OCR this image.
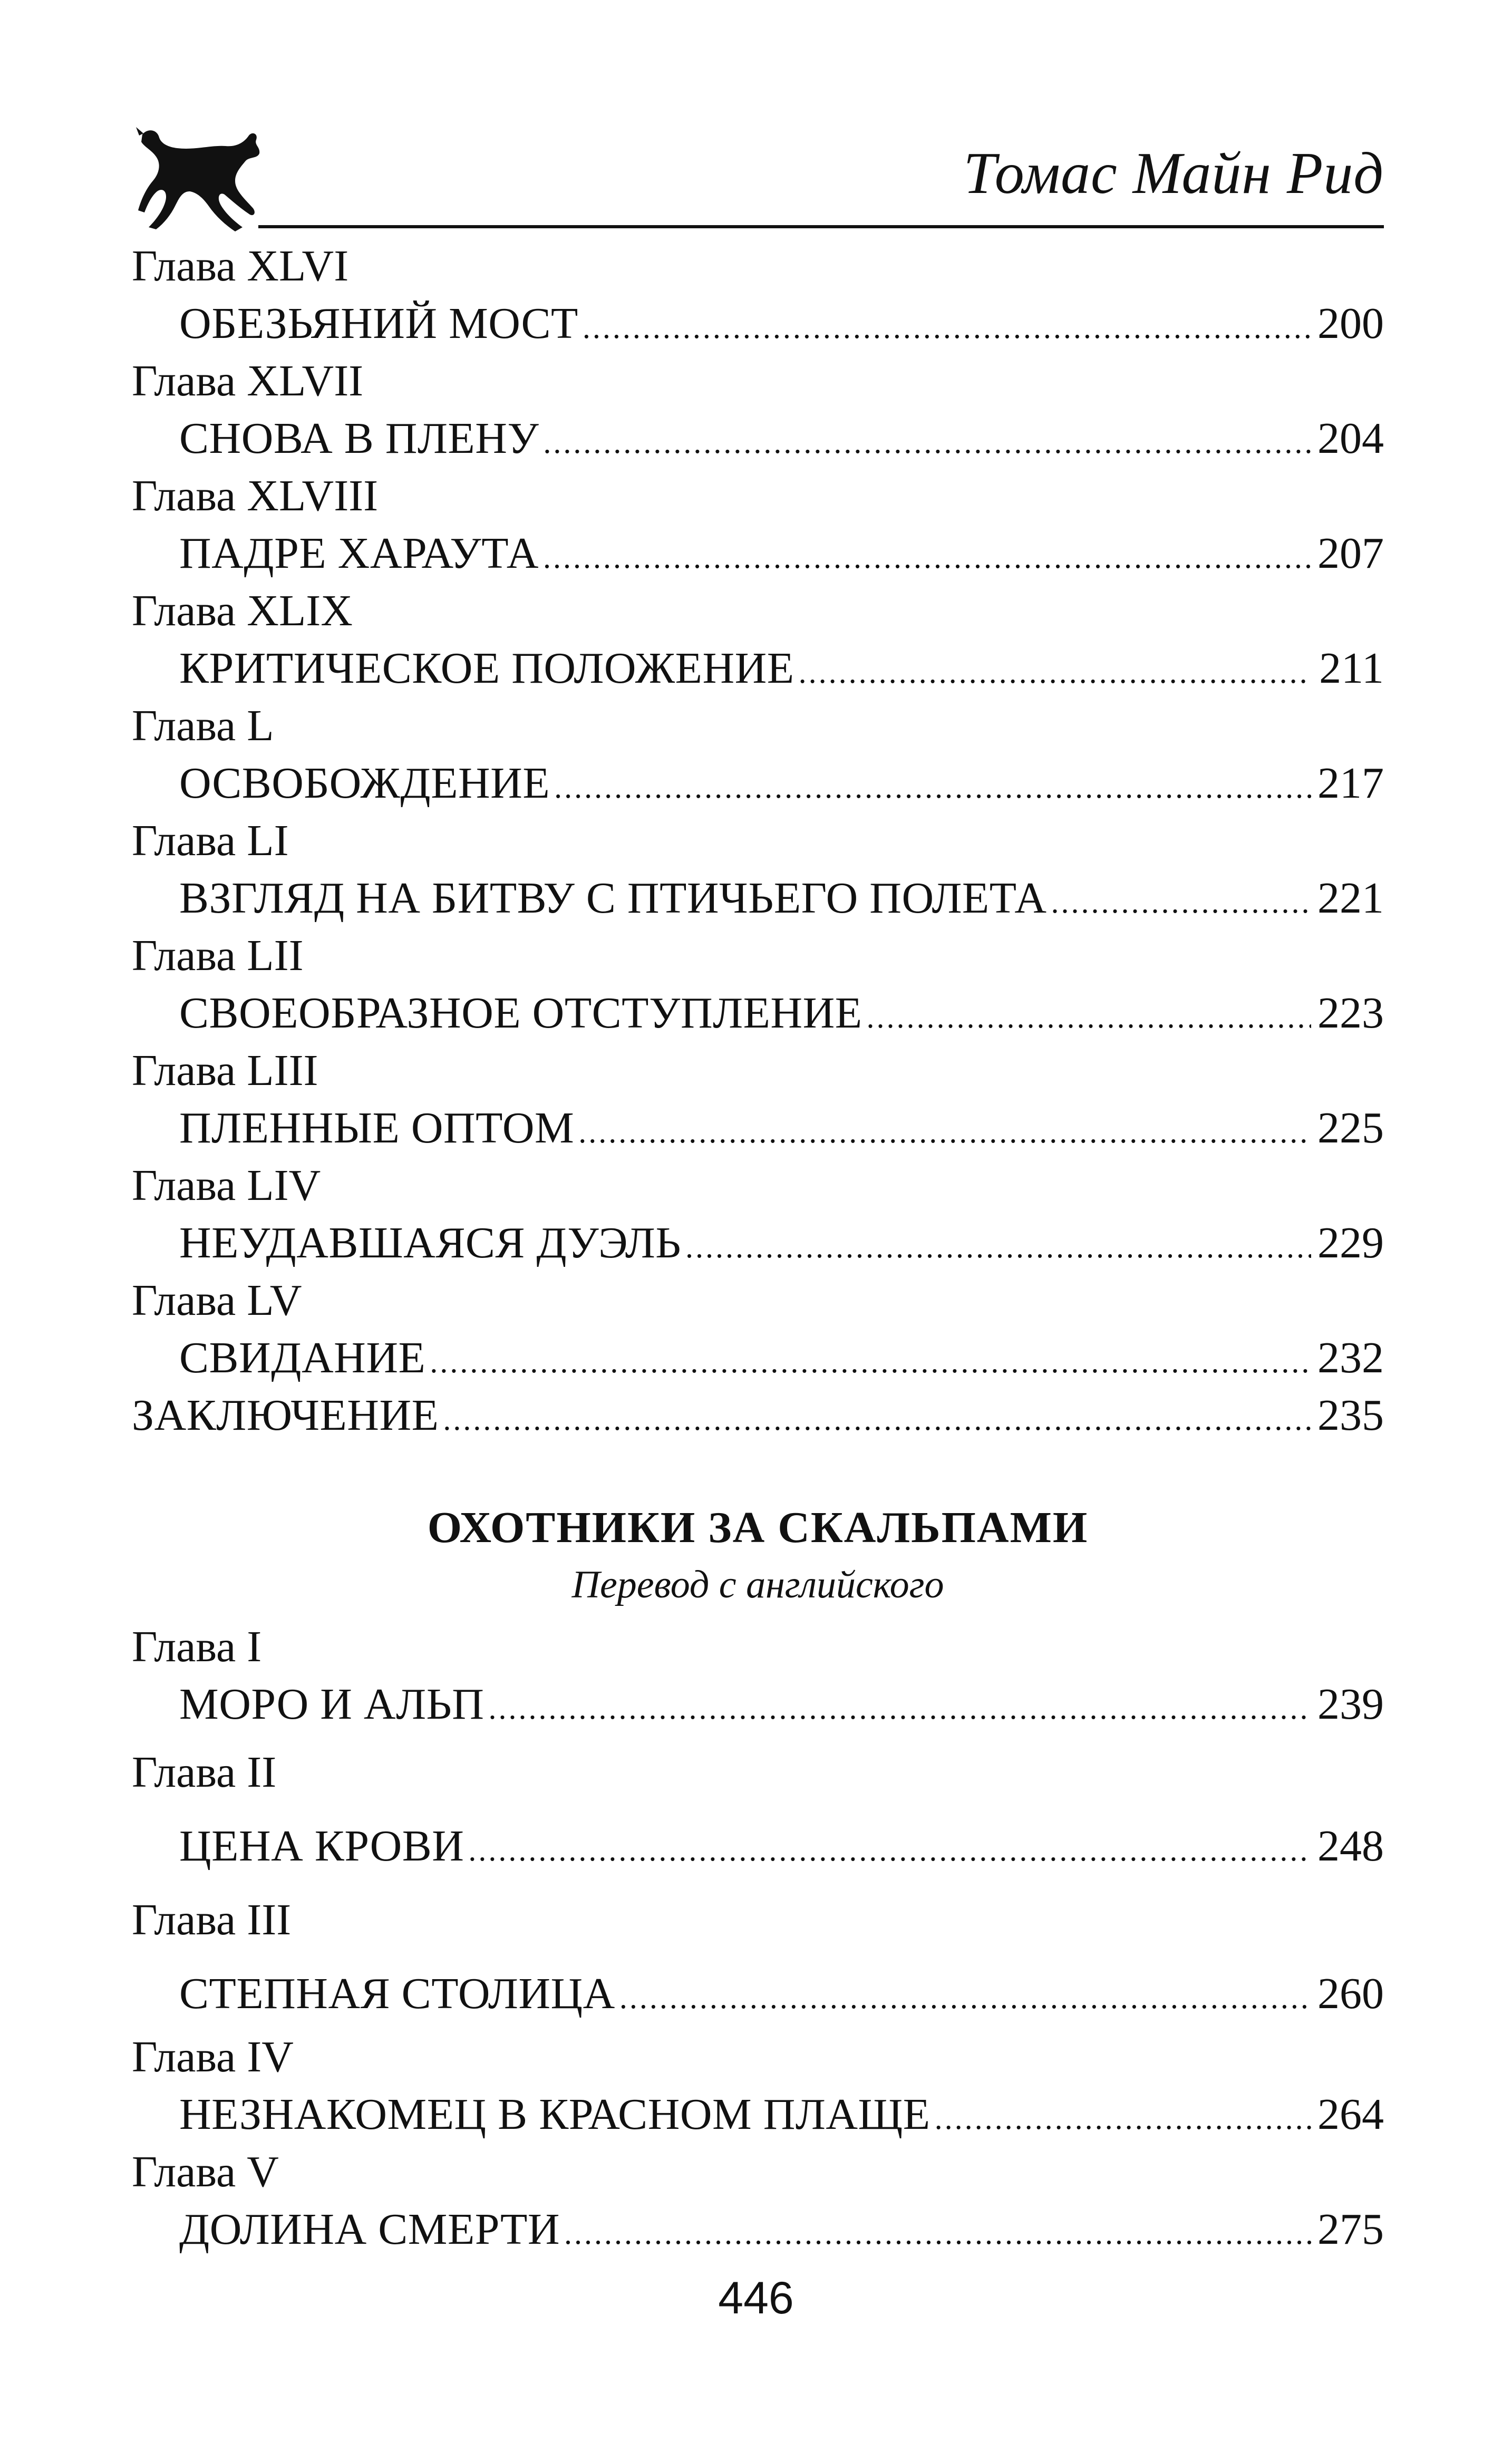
Томас Майн Рид
Глава XLVI
ОБЕЗЬЯНИЙ МОСТ .....	200
Глава XLVII
СНОВА В ПЛЕНУ .....	204
Глава XLVIII
ПАДРЕ ХАРАУТА .....	207
Глава XLIX
КРИТИЧЕСКОЕ ПОЛОЖЕНИЕ .....	211
Глава L
ОСВОБОЖДЕНИЕ .....	217
Глава LI
ВЗГЛЯД НА БИТВУ С ПТИЧЬЕГО ПОЛЕТА .....	221
Глава LII
СВОЕОБРАЗНОЕ ОТСТУПЛЕНИЕ .....	223
Глава LIII
ПЛЕННЫЕ ОПТОМ .....	225
Глава LIV
НЕУДАВШАЯСЯ ДУЭЛЬ .....	229
Глава LV
СВИДАНИЕ .....	232
ЗАКЛЮЧЕНИЕ .....	235
ОХОТНИКИ ЗА СКАЛЬПАМИ
Перевод с английского
Глава I
МОРО И АЛЬП .....	239
Глава II
ЦЕНА КРОВИ .....	248
Глава III
СТЕПНАЯ СТОЛИЦА .....	260
Глава IV
НЕЗНАКОМЕЦ В КРАСНОМ ПЛАЩЕ .....	264
Глава V
ДОЛИНА СМЕРТИ .....	275
446
